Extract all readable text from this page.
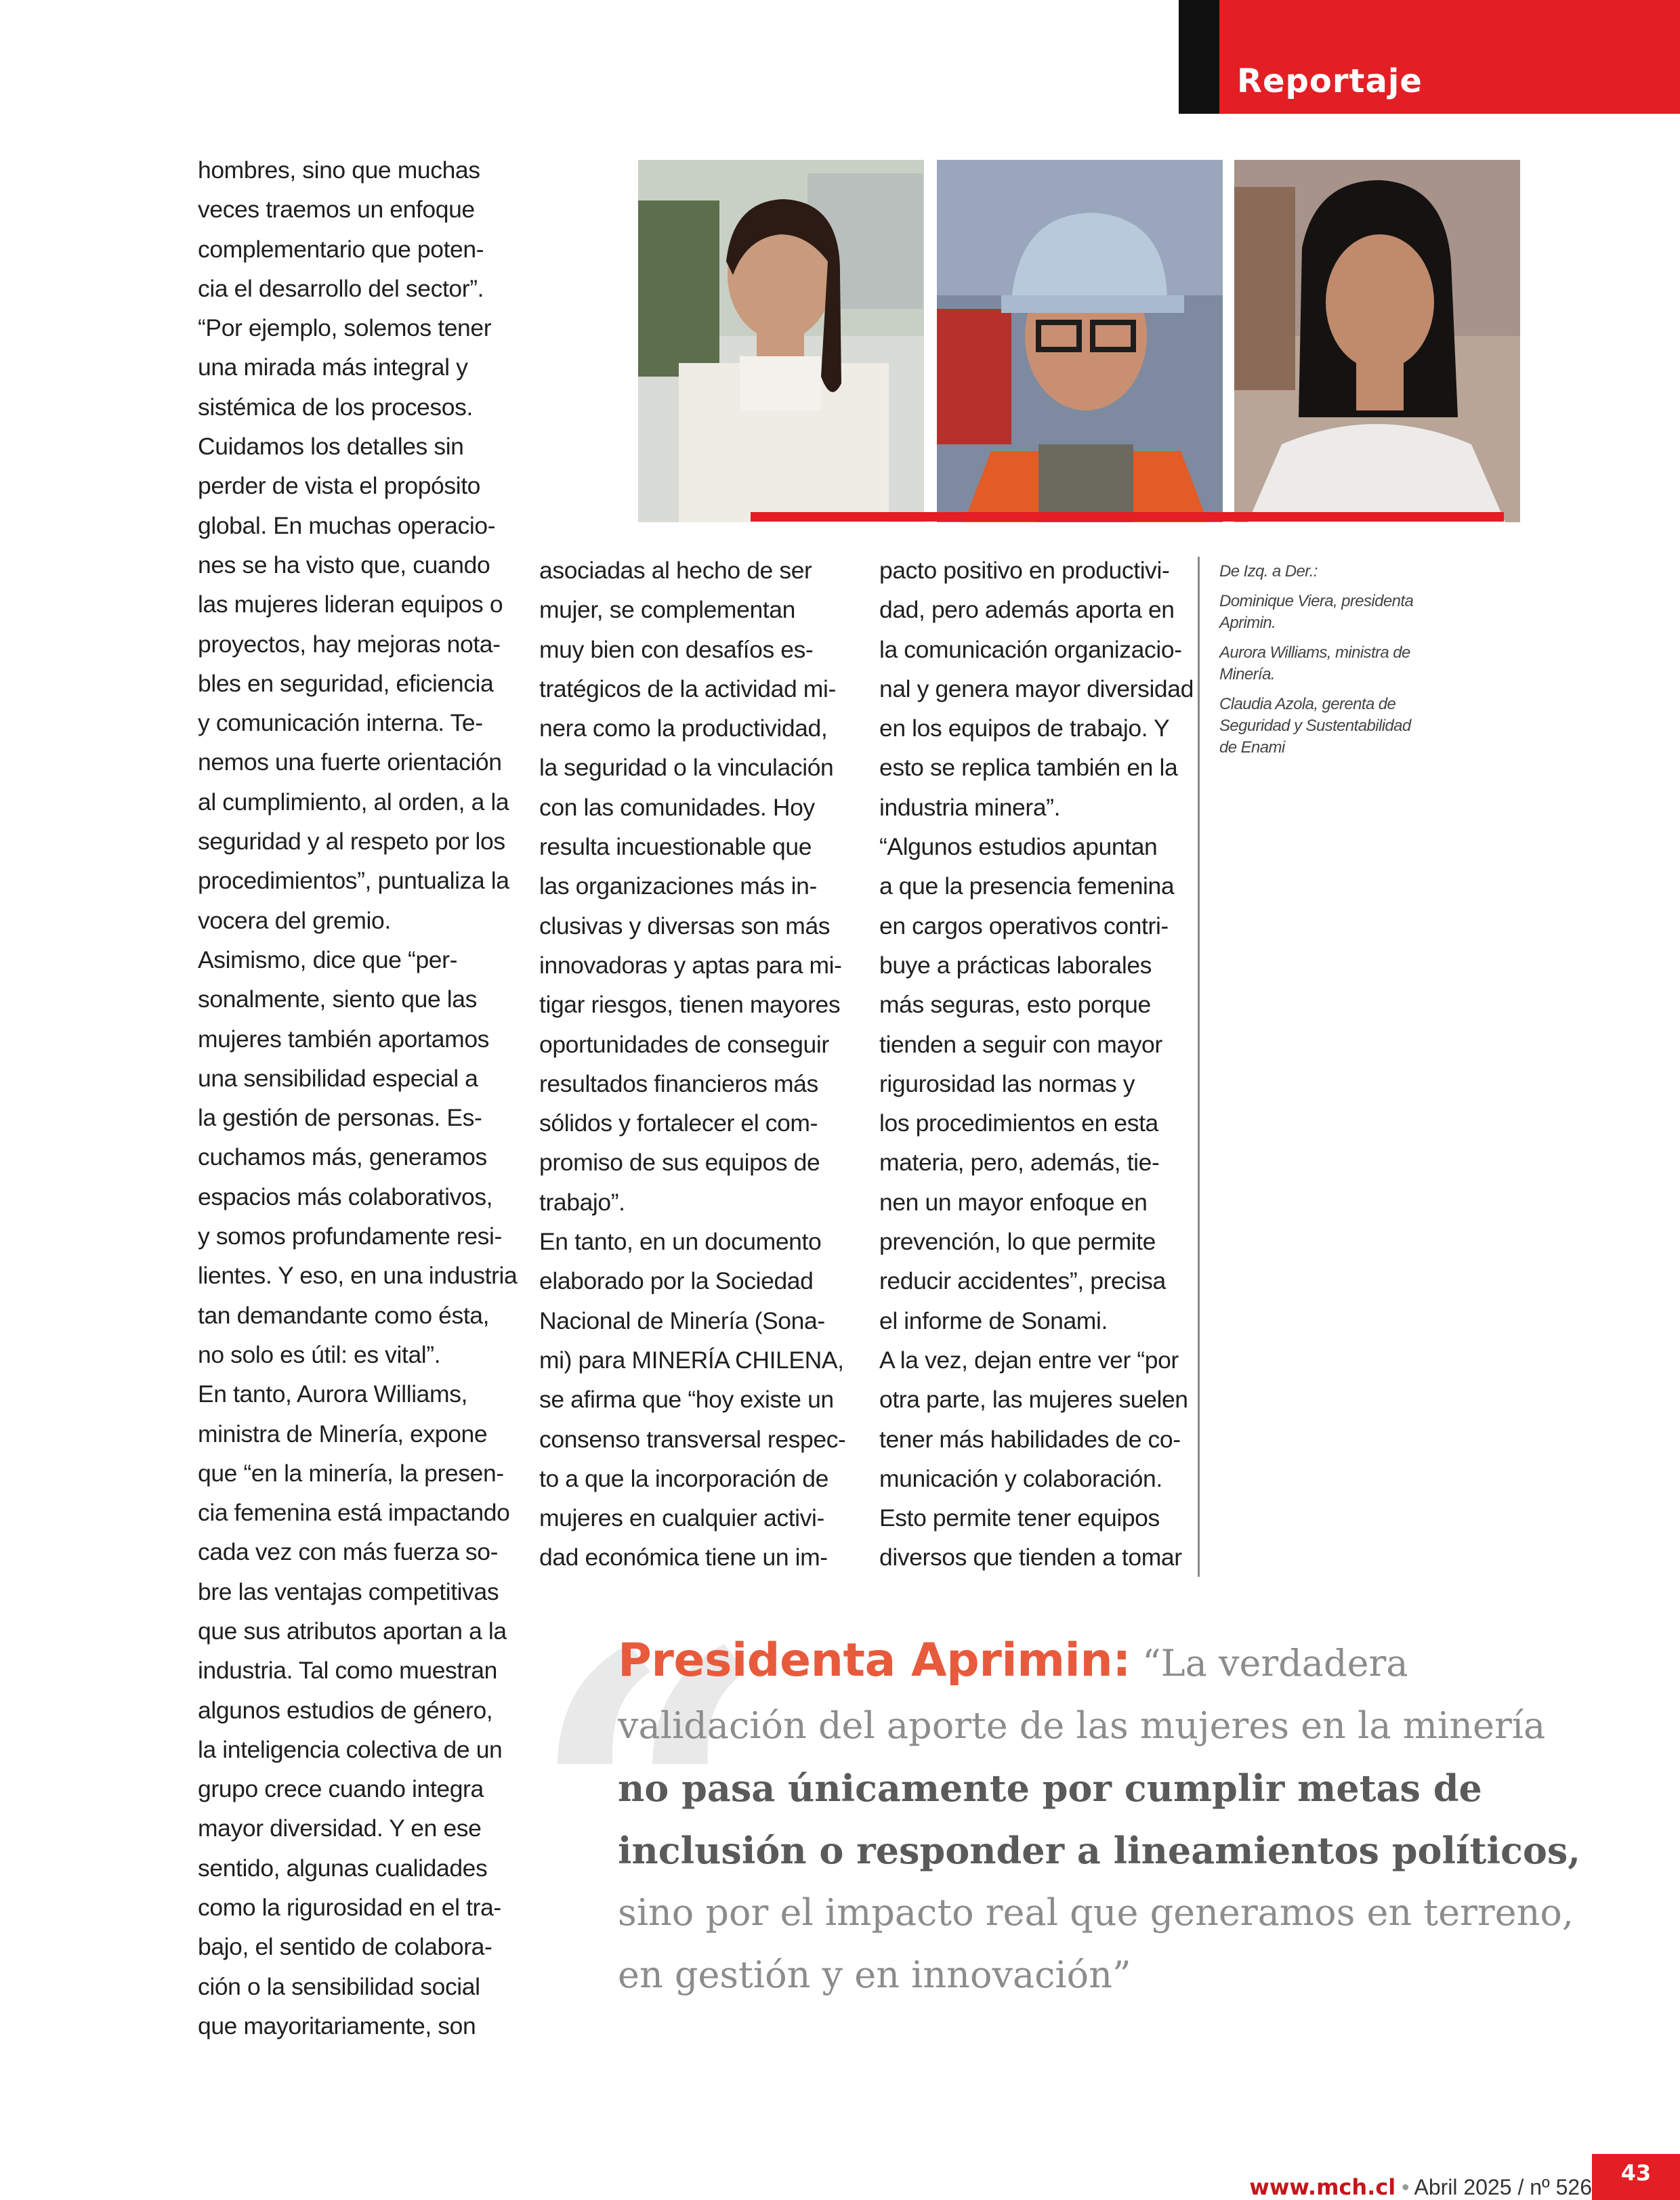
Reportaje

hombres, sino que muchas

veces traemos un enfoque

complementario que poten-

cia el desarrollo del sector”.

“Por ejemplo, solemos tener

una mirada más integral y

sistémica de los procesos.

Cuidamos los detalles sin

perder de vista el propósito

global. En muchas operacio-

nes se ha visto que, cuando

las mujeres lideran equipos o

proyectos, hay mejoras nota-

bles en seguridad, eficiencia

y comunicación interna. Te-

nemos una fuerte orientación

al cumplimiento, al orden, a la

seguridad y al respeto por los

procedimientos”, puntualiza la

vocera del gremio.

Asimismo, dice que “per-

sonalmente, siento que las

mujeres también aportamos

una sensibilidad especial a

la gestión de personas. Es-

cuchamos más, generamos

espacios más colaborativos,

y somos profundamente resi-

lientes. Y eso, en una industria

tan demandante como ésta,

no solo es útil: es vital”.

En tanto, Aurora Williams,

ministra de Minería, expone

que “en la minería, la presen-

cia femenina está impactando

cada vez con más fuerza so-

bre las ventajas competitivas

que sus atributos aportan a la

industria. Tal como muestran

algunos estudios de género,

la inteligencia colectiva de un

grupo crece cuando integra

mayor diversidad. Y en ese

sentido, algunas cualidades

como la rigurosidad en el tra-

bajo, el sentido de colabora-

ción o la sensibilidad social

que mayoritariamente, son

asociadas al hecho de ser

mujer, se complementan

muy bien con desafíos es-

tratégicos de la actividad mi-

nera como la productividad,

la seguridad o la vinculación

con las comunidades. Hoy

resulta incuestionable que

las organizaciones más in-

clusivas y diversas son más

innovadoras y aptas para mi-

tigar riesgos, tienen mayores

oportunidades de conseguir

resultados financieros más

sólidos y fortalecer el com-

promiso de sus equipos de

trabajo”.

En tanto, en un documento

elaborado por la Sociedad

Nacional de Minería (Sona-

mi) para MINERÍA CHILENA,

se afirma que “hoy existe un

consenso transversal respec-

to a que la incorporación de

mujeres en cualquier activi-

dad económica tiene un im-

pacto positivo en productivi-

dad, pero además aporta en

la comunicación organizacio-

nal y genera mayor diversidad

en los equipos de trabajo. Y

esto se replica también en la

industria minera”.

“Algunos estudios apuntan

a que la presencia femenina

en cargos operativos contri-

buye a prácticas laborales

más seguras, esto porque

tienden a seguir con mayor

rigurosidad las normas y

los procedimientos en esta

materia, pero, además, tie-

nen un mayor enfoque en

prevención, lo que permite

reducir accidentes”, precisa

el informe de Sonami.

A la vez, dejan entre ver “por

otra parte, las mujeres suelen

tener más habilidades de co-

municación y colaboración.

Esto permite tener equipos

diversos que tienden a tomar

De Izq. a Der.:

Dominique Viera, presidenta Aprimin.

Aurora Williams, ministra de Minería.

Claudia Azola, gerenta de Seguridad y Sustentabilidad de Enami

“

Presidenta Aprimin: “La verdadera

validación del aporte de las mujeres en la minería

no pasa únicamente por cumplir metas de

inclusión o responder a lineamientos políticos,

sino por el impacto real que generamos en terreno,

en gestión y en innovación”

www.mch.cl • Abril 2025 / nº 526
43
